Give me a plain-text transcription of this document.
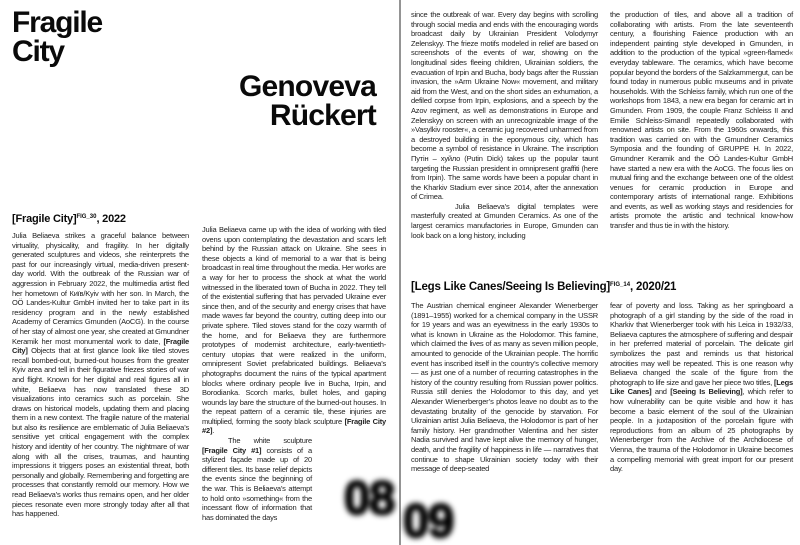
Fragile
City
Genoveva
Rückert
[Fragile City]$^{FIG\_30}$, 2022

Julia Beliaeva strikes a graceful balance between virtuality, physicality, and fragility. In her digitally generated sculptures and videos, she reinterprets the past for our increasingly virtual, media-driven present-day world. With the outbreak of the Russian war of aggression in February 2022, the multimedia artist fled her hometown of Київ/Kyiv with her son. In March, the OÖ Landes-Kultur GmbH invited her to take part in its residency program and in the newly established Academy of Ceramics Gmunden (AoCG). In the course of her stay of almost one year, she created at Gmundner Keramik her most monumental work to date, [Fragile City] Objects that at first glance look like tiled stoves recall bombed-out, burned-out houses from the greater Kyiv area and tell in their figurative friezes stories of war and flight. Known for her digital and real figures all in white, Beliaeva has now translated these 3D visualizations into ceramics such as porcelain. She draws on historical models, updating them and placing them in a new context. The fragile nature of the material but also its resilience are emblematic of Julia Beliaeva’s sensitive yet critical engagement with the complex history and identity of her country. The nightmare of war along with all the crises, traumas, and haunting impressions it triggers poses an existential threat, both personally and globally. Remembering and forgetting are processes that constantly remold our memory. How we read Beliaeva’s works thus remains open, and her older pieces resonate even more strongly today after all that has happened.

Julia Beliaeva came up with the idea of working with tiled ovens upon contemplating the devastation and scars left behind by the Russian attack on Ukraine. She sees in these objects a kind of memorial to a war that is being broadcast in real time throughout the media. Her works are a way for her to process the shock at what the world witnessed in the liberated town of Bucha in 2022. They tell of the existential suffering that has pervaded Ukraine ever since then, and of the security and energy crises that have made waves far beyond the country, cutting deep into our private sphere. Tiled stoves stand for the cozy warmth of the home, and for Beliaeva they are furthermore prototypes of modernist architecture, early-twentieth-century utopias that were realized in the uniform, omnipresent Soviet prefabricated buildings. Beliaeva’s photographs document the ruins of the typical apartment blocks where ordinary people live in Bucha, Irpin, and Borodianka. Scorch marks, bullet holes, and gaping wounds lay bare the structure of the burned-out houses. In the repeat pattern of a ceramic tile, these injuries are multiplied, forming the sooty black sculpture [Fragile City #2].

08
The white sculpture [Fragile City #1] consists of a stylized façade made up of 20 different tiles. Its base relief depicts the events since the beginning of the war. This is Beliaeva’s attempt to hold onto »something« from the incessant flow of information that has dominated the days

since the outbreak of war. Every day begins with scrolling through social media and ends with the encouraging words broadcast daily by Ukrainian President Volodymyr Zelenskyy. The frieze motifs modeled in relief are based on screenshots of the events of war, showing on the longitudinal sides fleeing children, Ukrainian soldiers, the evacuation of Irpin and Bucha, body bags after the Russian invasion, the »Arm Ukraine Now« movement, and military aid from the West, and on the short sides an exhumation, a defiled corpse from Irpin, explosions, and a speech by the Azov regiment, as well as demonstrations in Europe and Zelenskyy on screen with an unrecognizable image of the »Vasylkiv rooster«, a ceramic jug recovered unharmed from a destroyed building in the eponymous city, which has become a symbol of resistance in Ukraine. The inscription Путін – хуйло (Putin Dick) takes up the popular taunt targeting the Russian president in omnipresent graffiti (here from Irpin). The same words have been a popular chant in the Kharkiv Stadium ever since 2014, after the annexation of Crimea.

Julia Beliaeva’s digital templates were masterfully created at Gmunden Ceramics. As one of the largest ceramics manufactories in Europe, Gmunden can look back on a long history, including

the production of tiles, and above all a tradition of collaborating with artists. From the late seventeenth century, a flourishing Faience production with an independent painting style developed in Gmunden, in addition to the production of the typical »green-flamed« everyday tableware. The ceramics, which have become popular beyond the borders of the Salzkammergut, can be found today in numerous public museums and in private households. With the Schleiss family, which run one of the workshops from 1843, a new era began for ceramic art in Gmunden. From 1909, the couple Franz Schleiss II and Emilie Schleiss-Simandl repeatedly collaborated with renowned artists on site. From the 1960s onwards, this tradition was carried on with the Gmundner Ceramics Symposia and the founding of GRUPPE H. In 2022, Gmundner Keramik and the OÖ Landes-Kultur GmbH have started a new era with the AoCG. The focus lies on mutual firing and the exchange between one of the oldest venues for ceramic production in Europe and contemporary artists of international range. Exhibitions and events, as well as working stays and residencies for artists promote the artistic and technical know-how transfer and thus tie in with the history.

[Legs Like Canes/Seeing Is Believing]$^{FIG\_14}$, 2020/21

The Austrian chemical engineer Alexander Wienerberger (1891–1955) worked for a chemical company in the USSR for 19 years and was an eyewitness in the early 1930s to what is known in Ukraine as the Holodomor. This famine, which claimed the lives of as many as seven million people, amounted to genocide of the Ukrainian people. The horrific event has inscribed itself in the country’s collective memory — as just one of a number of recurring catastrophes in the history of the country resulting from Russian power politics. Russia still denies the Holodomor to this day, and yet Alexander Wienerberger’s photos leave no doubt as to the devastating brutality of the genocide by starvation. For Ukrainian artist Julia Beliaeva, the Holodomor is part of her family history. Her grandmother Valentina and her sister Nadia survived and have kept alive the memory of hunger, death, and the fragility of happiness in life — narratives that continue to shape Ukrainian society today with their message of deep-seated

fear of poverty and loss. Taking as her springboard a photograph of a girl standing by the side of the road in Kharkiv that Wienerberger took with his Leica in 1932/33, Beliaeva captures the atmosphere of suffering and despair in her preferred material of porcelain. The delicate girl symbolizes the past and reminds us that historical atrocities may well be repeated. This is one reason why Beliaeva changed the scale of the figure from the photograph to life size and gave her piece two titles, [Legs Like Canes] and [Seeing Is Believing], which refer to how vulnerability can be quite visible and how it has become a basic element of the soul of the Ukrainian people. In a juxtaposition of the porcelain figure with reproductions from an album of 25 photographs by Wienerberger from the Archive of the Archdiocese of Vienna, the trauma of the Holodomor in Ukraine becomes a compelling memorial with great import for our present day.

09
